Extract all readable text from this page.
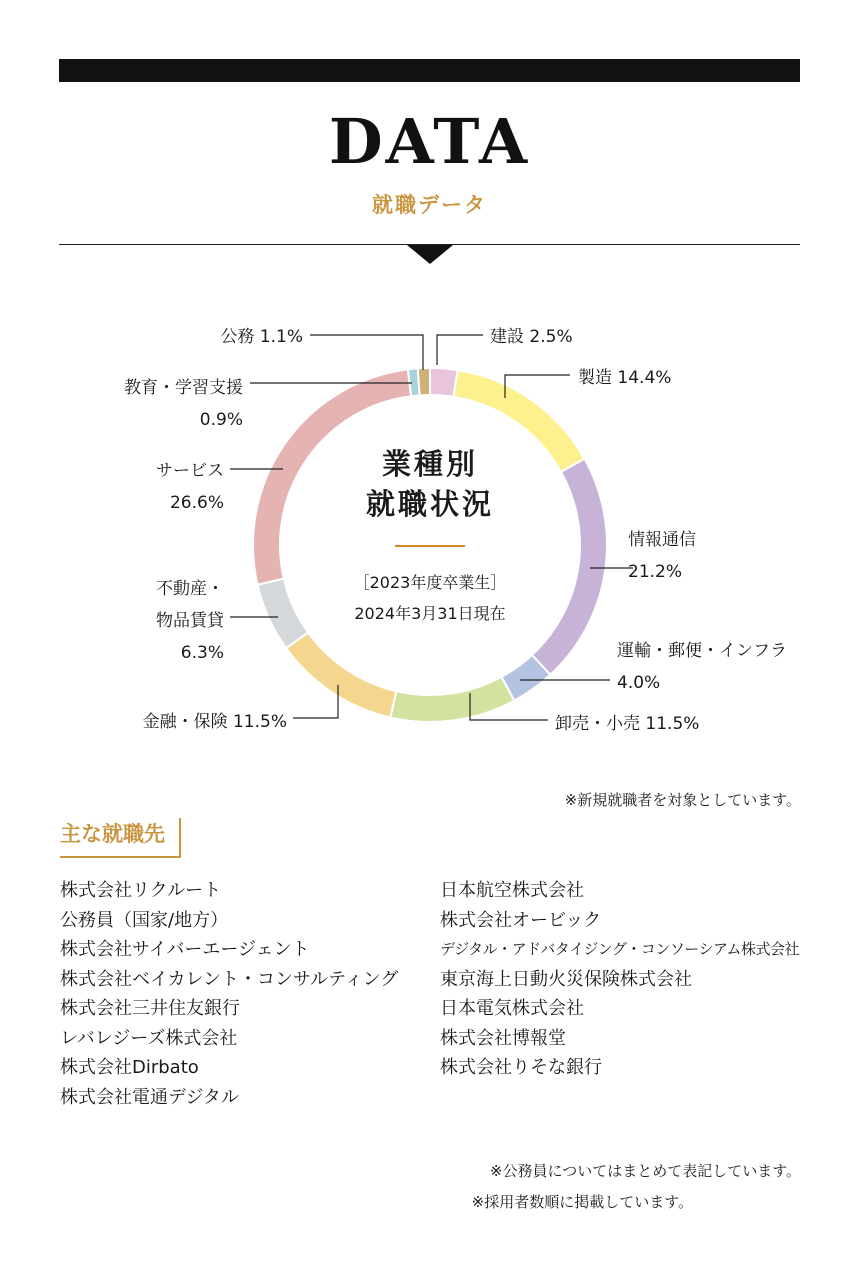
DATA
就職データ
建設 2.5%
製造 14.4%
情報通信 21.2%
運輸・郵便・インフラ 4.0%
卸売・小売 11.5%
金融・保険 11.5%
不動産・物品賃貸 6.3%
サービス 26.6%
教育・学習支援 0.9%
公務 1.1%
業種別
就職状況
［2023年度卒業生］
2024年3月31日現在
※新規就職者を対象としています。
主な就職先
株式会社リクルート
公務員（国家/地方）
株式会社サイバーエージェント
株式会社ベイカレント・コンサルティング
株式会社三井住友銀行
レバレジーズ株式会社
株式会社Dirbato
株式会社電通デジタル
日本航空株式会社
株式会社オービック
デジタル・アドバタイジング・コンソーシアム株式会社
東京海上日動火災保険株式会社
日本電気株式会社
株式会社博報堂
株式会社りそな銀行
※公務員についてはまとめて表記しています。
※採用者数順に掲載しています。
